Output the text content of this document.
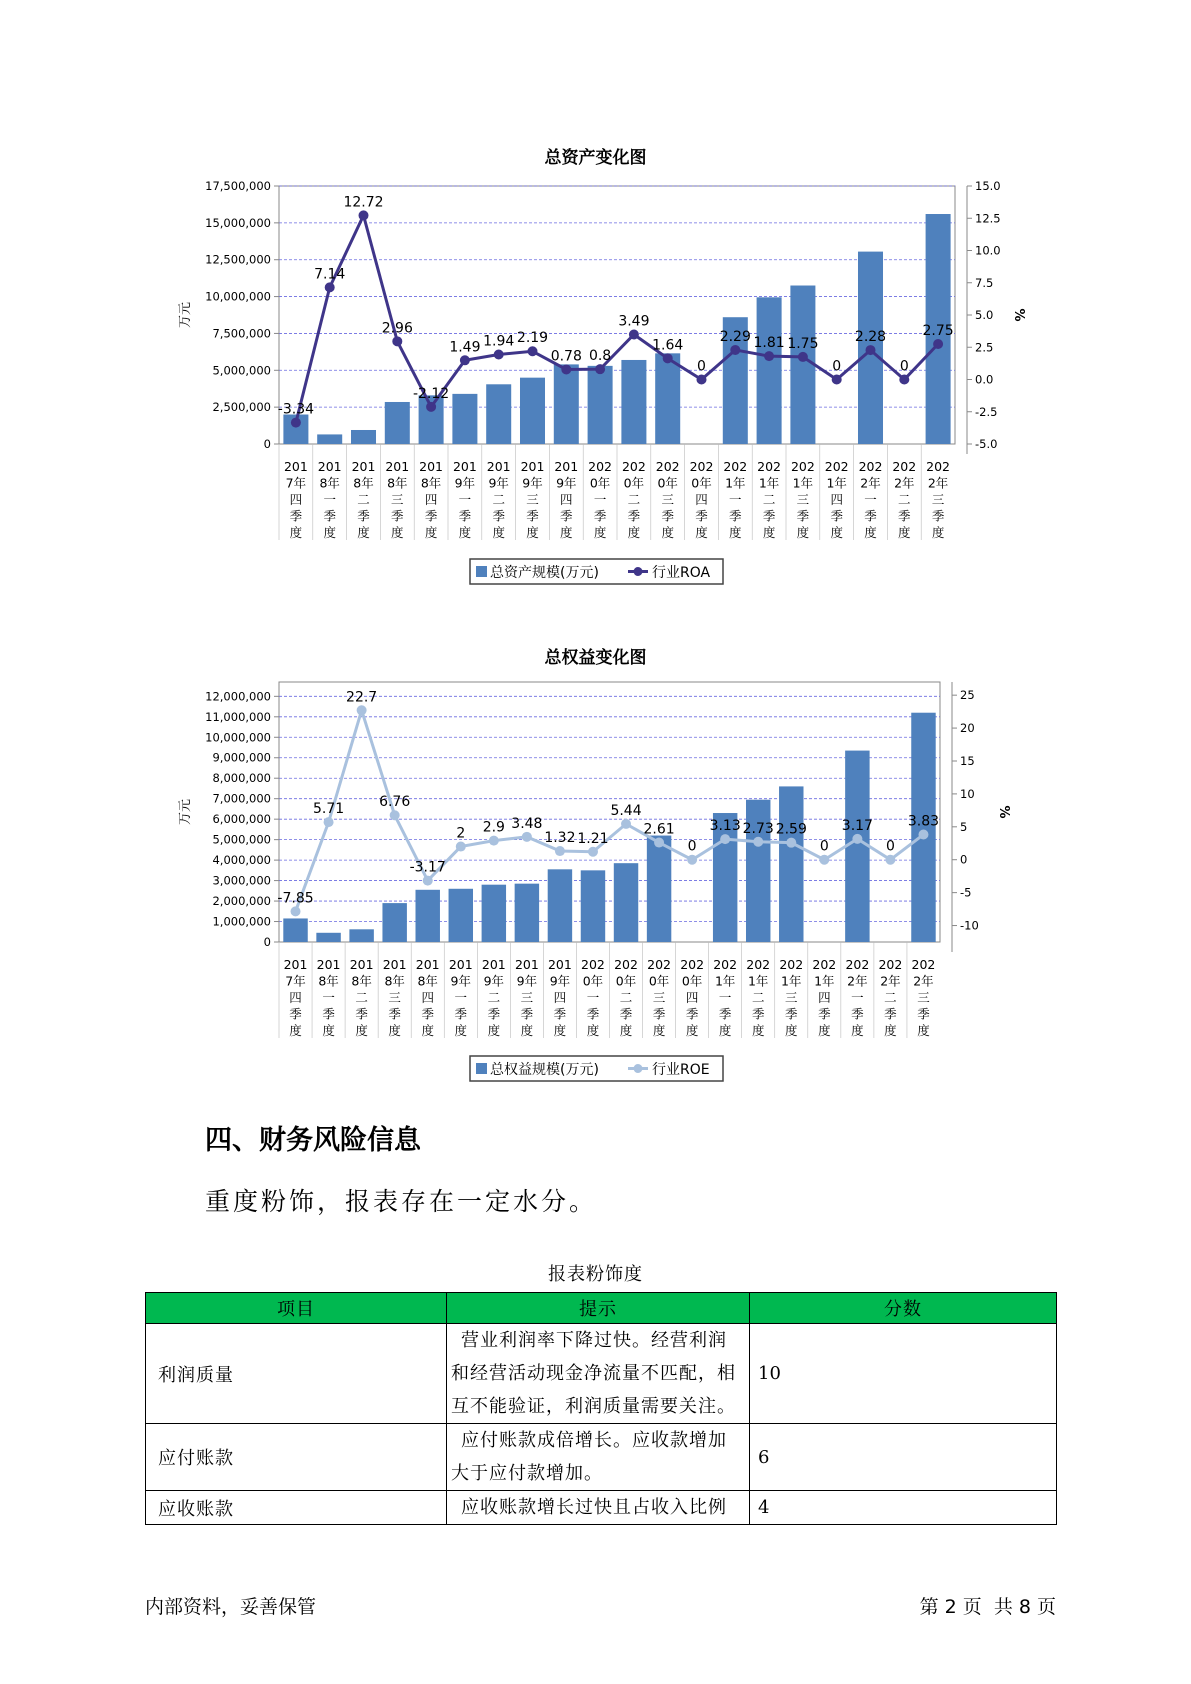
总资产变化图
0
2,500,000
5,000,000
7,500,000
10,000,000
12,500,000
15,000,000
17,500,000
-5.0
-2.5
0.0
2.5
5.0
7.5
10.0
12.5
15.0
万元	%
-3.34
7.14
12.72
2.96
-2.12
1.49 1.94 2.19
0.78 0.8
3.49
1.64
0
2.29 1.81 1.75
0
2.28
0
2.75
201
7年
四
季
度
201
8年
一
季
度
201
8年
二
季
度
201
8年
三
季
度
201
8年
四
季
度
201
9年
一
季
度
201
9年
二
季
度
201
9年
三
季
度
201
9年
四
季
度
202
0年
一
季
度
202
0年
二
季
度
202
0年
三
季
度
202
0年
四
季
度
202
1年
一
季
度
202
1年
二
季
度
202
1年
三
季
度
202
1年
四
季
度
202
2年
一
季
度
202
2年
二
季
度
202
2年
三
季
度
总资产规模(万元)	行业ROA
总权益变化图
0
1,000,000
2,000,000
3,000,000
4,000,000
5,000,000
6,000,000
7,000,000
8,000,000
9,000,000
10,000,000
11,000,000
12,000,000
-10
-5
0
5
10
15
20
25
万元	%
-7.85
5.71
22.7
6.76
-3.17
2 2.9 3.48
1.32 1.21
5.44
2.61
0
3.13 2.73 2.59
0
3.17
0
3.83
201
7年
四
季
度
201
8年
一
季
度
201
8年
二
季
度
201
8年
三
季
度
201
8年
四
季
度
201
9年
一
季
度
201
9年
二
季
度
201
9年
三
季
度
201
9年
四
季
度
202
0年
一
季
度
202
0年
二
季
度
202
0年
三
季
度
202
0年
四
季
度
202
1年
一
季
度
202
1年
二
季
度
202
1年
三
季
度
202
1年
四
季
度
202
2年
一
季
度
202
2年
二
季
度
202
2年
三
季
度
总权益规模(万元)	行业ROE
四、财务风险信息

重度粉饰，报表存在一定水分。

报表粉饰度
项目	提示	分数
利润质量	营业利润率下降过快。经营利润
和经营活动现金净流量不匹配，相
互不能验证，利润质量需要关注。	10
应付账款	应付账款成倍增长。应收款增加
大于应付款增加。	6
应收账款	应收账款增长过快且占收入比例	4
内部资料，妥善保管	第 2 页  共 8 页
